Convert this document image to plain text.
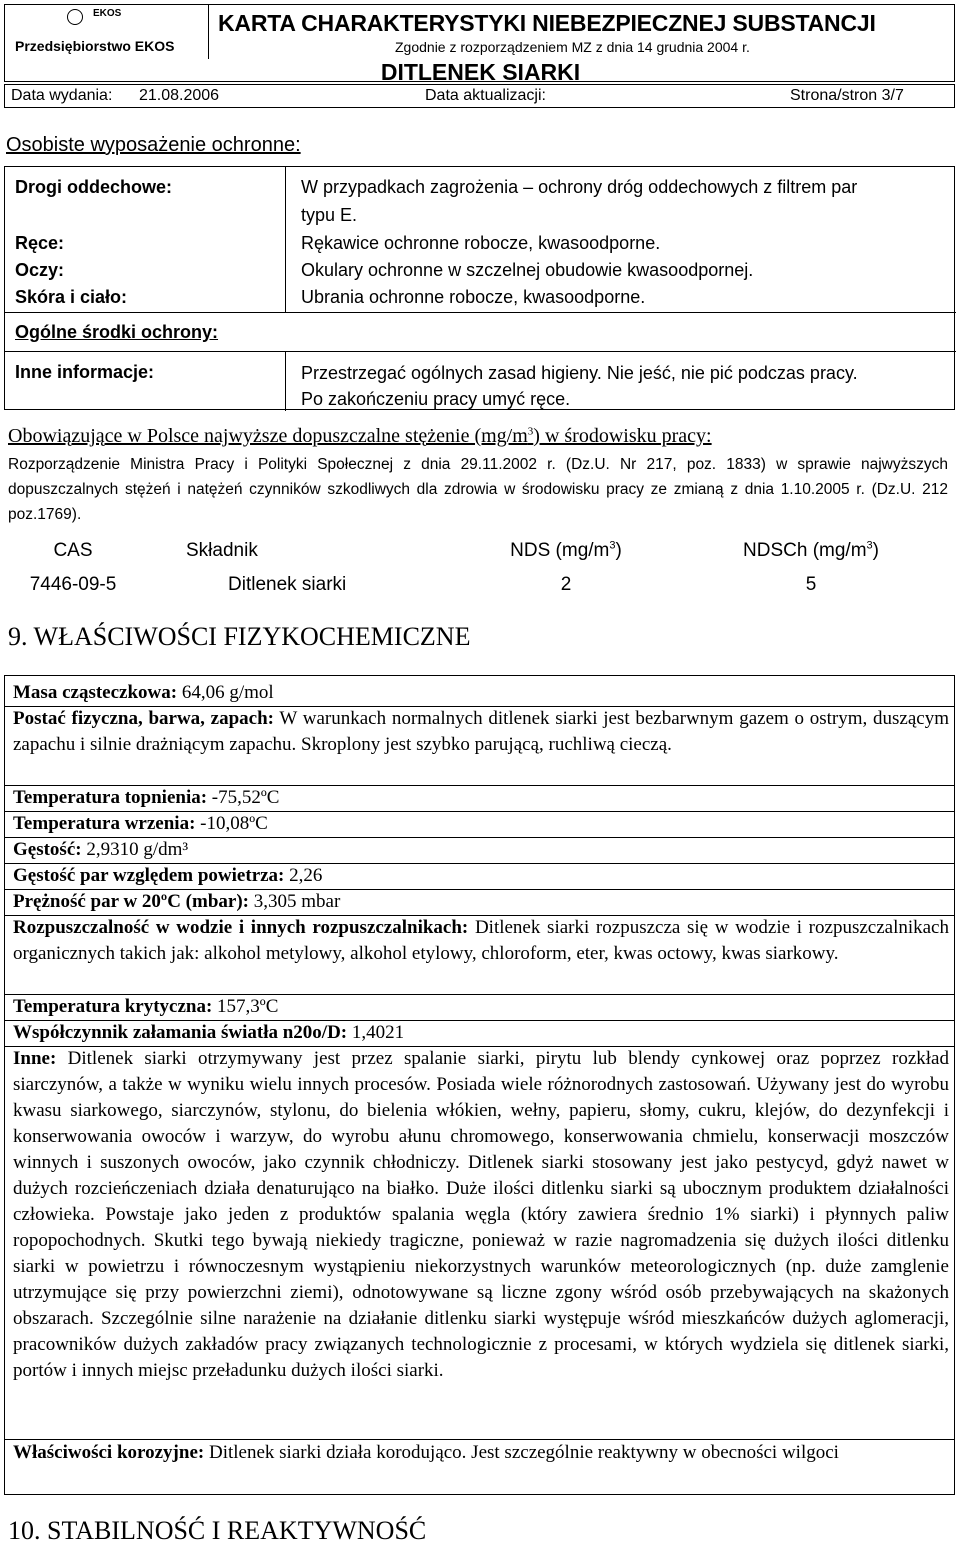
EKOS
Przedsiębiorstwo EKOS
KARTA CHARAKTERYSTYKI NIEBEZPIECZNEJ SUBSTANCJI
Zgodnie z rozporządzeniem MZ z dnia 14 grudnia 2004 r.
DITLENEK SIARKI
Data wydania: 21.08.2006	Data aktualizacji:	Strona/stron 3/7
Osobiste wyposażenie ochronne:
Drogi oddechowe:	W przypadkach zagrożenia – ochrony dróg oddechowych z filtrem par
typu E.
Ręce:	Rękawice ochronne robocze, kwasoodporne.
Oczy:	Okulary ochronne w szczelnej obudowie kwasoodpornej.
Skóra i ciało:	Ubrania ochronne robocze, kwasoodporne.
Ogólne środki ochrony:
Inne informacje:	Przestrzegać ogólnych zasad higieny. Nie jeść, nie pić podczas pracy.
Po zakończeniu pracy umyć ręce.
Obowiązujące w Polsce najwyższe dopuszczalne stężenie $(mg/m^3)$ w środowisku pracy:
Rozporządzenie Ministra Pracy i Polityki Społecznej z dnia 29.11.2002 r. (Dz.U. Nr 217, poz. 1833) w sprawie najwyższych dopuszczalnych stężeń i natężeń czynników szkodliwych dla zdrowia w środowisku pracy ze zmianą z dnia 1.10.2005 r. (Dz.U. 212 poz.1769).
CAS	Składnik	NDS $(mg/m^3)$	NDSCh $(mg/m^3)$
7446-09-5	Ditlenek siarki	2	5
9. WŁAŚCIWOŚCI FIZYKOCHEMICZNE
Masa cząsteczkowa: 64,06 g/mol
Postać fizyczna, barwa, zapach: W warunkach normalnych ditlenek siarki jest bezbarwnym gazem o ostrym, duszącym zapachu i silnie drażniącym zapachu. Skroplony jest szybko parującą, ruchliwą cieczą.
Temperatura topnienia: -75,52ºC
Temperatura wrzenia: -10,08ºC
Gęstość: 2,9310 g/dm³
Gęstość par względem powietrza: 2,26
Prężność par w 20ºC (mbar): 3,305 mbar
Rozpuszczalność w wodzie i innych rozpuszczalnikach: Ditlenek siarki rozpuszcza się w wodzie i rozpuszczalnikach organicznych takich jak: alkohol metylowy, alkohol etylowy, chloroform, eter, kwas octowy, kwas siarkowy.
Temperatura krytyczna: 157,3ºC
Współczynnik załamania światła n20o/D: 1,4021
Inne: Ditlenek siarki otrzymywany jest przez spalanie siarki, pirytu lub blendy cynkowej oraz poprzez rozkład siarczynów, a także w wyniku wielu innych procesów. Posiada wiele różnorodnych zastosowań. Używany jest do wyrobu kwasu siarkowego, siarczynów, stylonu, do bielenia włókien, wełny, papieru, słomy, cukru, klejów, do dezynfekcji i konserwowania owoców i warzyw, do wyrobu ałunu chromowego, konserwowania chmielu, konserwacji moszczów winnych i suszonych owoców, jako czynnik chłodniczy. Ditlenek siarki stosowany jest jako pestycyd, gdyż nawet w dużych rozcieńczeniach działa denaturująco na białko. Duże ilości ditlenku siarki są ubocznym produktem działalności człowieka. Powstaje jako jeden z produktów spalania węgla (który zawiera średnio 1% siarki) i płynnych paliw ropopochodnych. Skutki tego bywają niekiedy tragiczne, ponieważ w razie nagromadzenia się dużych ilości ditlenku siarki w powietrzu i równoczesnym wystąpieniu niekorzystnych warunków meteorologicznych (np. duże zamglenie utrzymujące się przy powierzchni ziemi), odnotowywane są liczne zgony wśród osób przebywających na skażonych obszarach. Szczególnie silne narażenie na działanie ditlenku siarki występuje wśród mieszkańców dużych aglomeracji, pracowników dużych zakładów pracy związanych technologicznie z procesami, w których wydziela się ditlenek siarki, portów i innych miejsc przeładunku dużych ilości siarki.
Właściwości korozyjne: Ditlenek siarki działa korodująco. Jest szczególnie reaktywny w obecności wilgoci
10. STABILNOŚĆ I REAKTYWNOŚĆ
